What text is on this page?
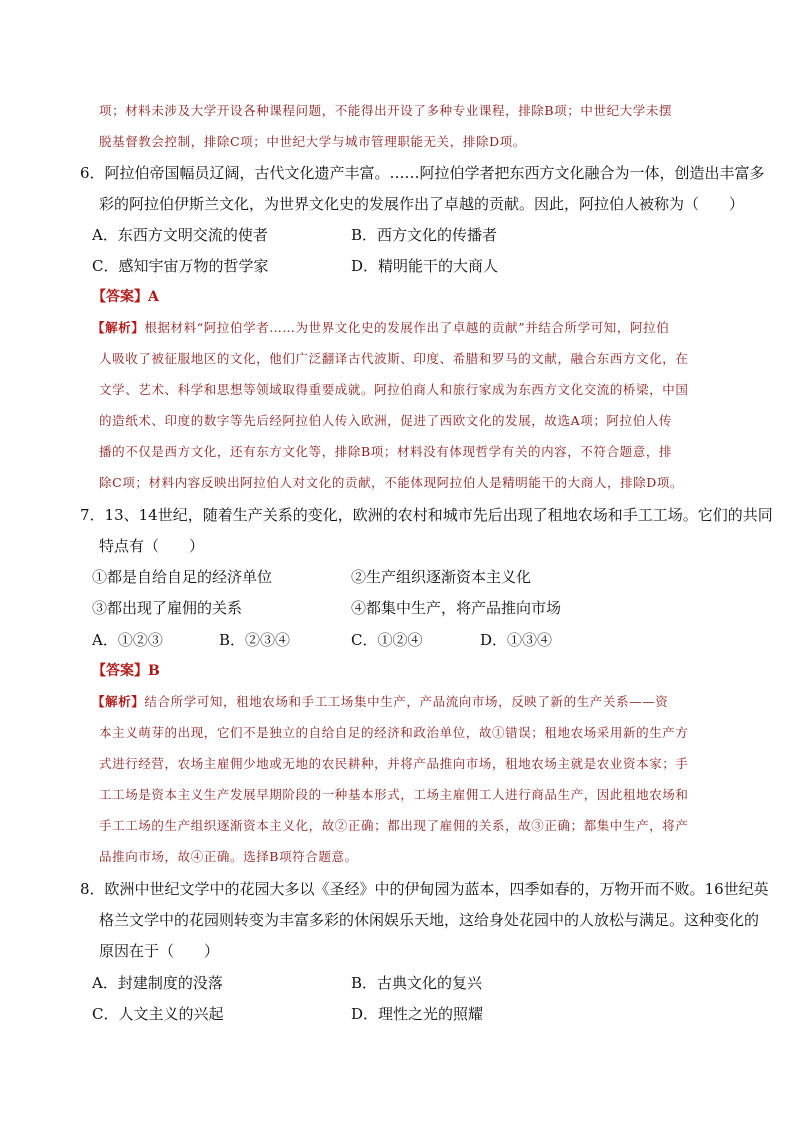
项；材料未涉及大学开设各种课程问题，不能得出开设了多种专业课程，排除B项；中世纪大学未摆
脱基督教会控制，排除C项；中世纪大学与城市管理职能无关，排除D项。
6．阿拉伯帝国幅员辽阔，古代文化遗产丰富。……阿拉伯学者把东西方文化融合为一体，创造出丰富多
彩的阿拉伯伊斯兰文化，为世界文化史的发展作出了卓越的贡献。因此，阿拉伯人被称为（　　）
A．东西方文明交流的使者	B．西方文化的传播者
C．感知宇宙万物的哲学家	D．精明能干的大商人
【答案】A
【解析】根据材料“阿拉伯学者……为世界文化史的发展作出了卓越的贡献”并结合所学可知，阿拉伯
人吸收了被征服地区的文化，他们广泛翻译古代波斯、印度、希腊和罗马的文献，融合东西方文化，在
文学、艺术、科学和思想等领域取得重要成就。阿拉伯商人和旅行家成为东西方文化交流的桥梁，中国
的造纸术、印度的数字等先后经阿拉伯人传入欧洲，促进了西欧文化的发展，故选A项；阿拉伯人传
播的不仅是西方文化，还有东方文化等，排除B项；材料没有体现哲学有关的内容，不符合题意，排
除C项；材料内容反映出阿拉伯人对文化的贡献，不能体现阿拉伯人是精明能干的大商人，排除D项。
7．13、14世纪，随着生产关系的变化，欧洲的农村和城市先后出现了租地农场和手工工场。它们的共同
特点有（　　）
①都是自给自足的经济单位	②生产组织逐渐资本主义化
③都出现了雇佣的关系	④都集中生产，将产品推向市场
A．①②③	B．②③④	C．①②④	D．①③④
【答案】B
【解析】结合所学可知，租地农场和手工工场集中生产，产品流向市场，反映了新的生产关系——资
本主义萌芽的出现，它们不是独立的自给自足的经济和政治单位，故①错误；租地农场采用新的生产方
式进行经营，农场主雇佣少地或无地的农民耕种，并将产品推向市场，租地农场主就是农业资本家；手
工工场是资本主义生产发展早期阶段的一种基本形式，工场主雇佣工人进行商品生产，因此租地农场和
手工工场的生产组织逐渐资本主义化，故②正确；都出现了雇佣的关系，故③正确；都集中生产，将产
品推向市场，故④正确。选择B项符合题意。
8．欧洲中世纪文学中的花园大多以《圣经》中的伊甸园为蓝本，四季如春的，万物开而不败。16世纪英
格兰文学中的花园则转变为丰富多彩的休闲娱乐天地，这给身处花园中的人放松与满足。这种变化的
原因在于（　　）
A．封建制度的没落	B．古典文化的复兴
C．人文主义的兴起	D．理性之光的照耀
